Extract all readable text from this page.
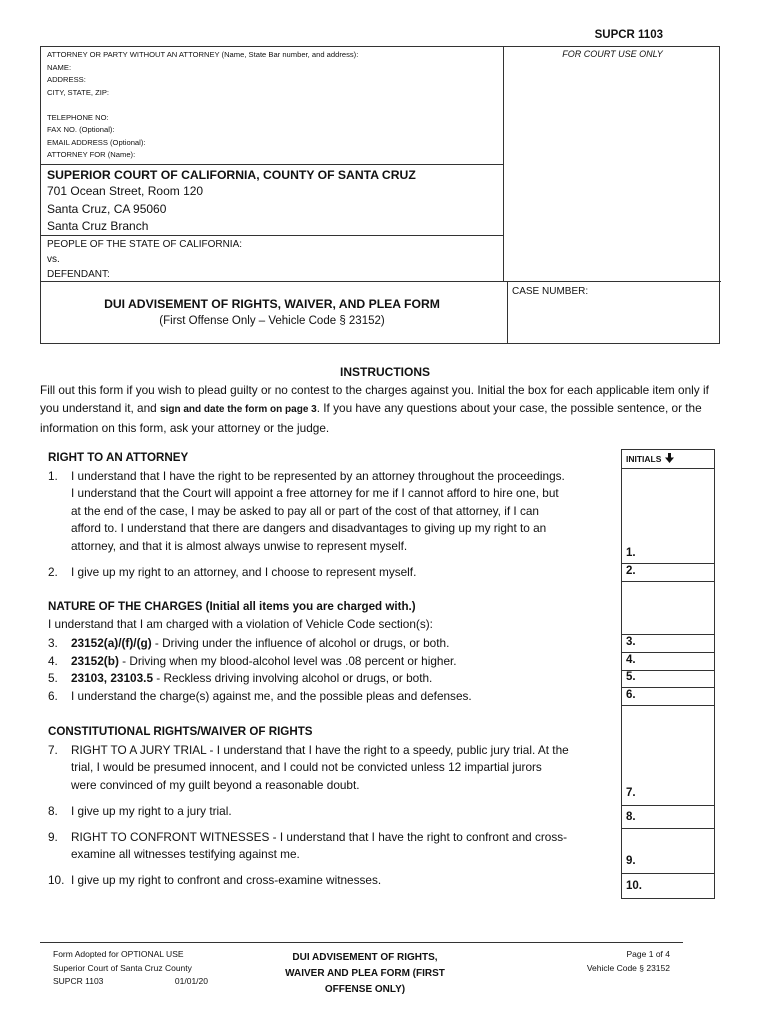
SUPCR 1103
ATTORNEY OR PARTY WITHOUT AN ATTORNEY (Name, State Bar number, and address):
NAME:
ADDRESS:
CITY, STATE, ZIP:
TELEPHONE NO:
FAX NO. (Optional):
EMAIL ADDRESS (Optional):
ATTORNEY FOR (Name):
FOR COURT USE ONLY
SUPERIOR COURT OF CALIFORNIA, COUNTY OF SANTA CRUZ
701 Ocean Street, Room 120
Santa Cruz, CA 95060
Santa Cruz Branch
PEOPLE OF THE STATE OF CALIFORNIA:
vs.
DEFENDANT:
DUI ADVISEMENT OF RIGHTS, WAIVER, AND PLEA FORM
(First Offense Only – Vehicle Code § 23152)
CASE NUMBER:
INSTRUCTIONS
Fill out this form if you wish to plead guilty or no contest to the charges against you. Initial the box for each applicable item only if you understand it, and sign and date the form on page 3. If you have any questions about your case, the possible sentence, or the information on this form, ask your attorney or the judge.
RIGHT TO AN ATTORNEY
1. I understand that I have the right to be represented by an attorney throughout the proceedings.
I understand that the Court will appoint a free attorney for me if I cannot afford to hire one, but
at the end of the case, I may be asked to pay all or part of the cost of that attorney, if I can
afford to. I understand that there are dangers and disadvantages to giving up my right to an
attorney, and that it is almost always unwise to represent myself.
2. I give up my right to an attorney, and I choose to represent myself.
NATURE OF THE CHARGES (Initial all items you are charged with.)
I understand that I am charged with a violation of Vehicle Code section(s):
3. 23152(a)/(f)/(g) - Driving under the influence of alcohol or drugs, or both.
4. 23152(b) - Driving when my blood-alcohol level was .08 percent or higher.
5. 23103, 23103.5 - Reckless driving involving alcohol or drugs, or both.
6. I understand the charge(s) against me, and the possible pleas and defenses.
CONSTITUTIONAL RIGHTS/WAIVER OF RIGHTS
7. RIGHT TO A JURY TRIAL - I understand that I have the right to a speedy, public jury trial. At the
trial, I would be presumed innocent, and I could not be convicted unless 12 impartial jurors
were convinced of my guilt beyond a reasonable doubt.
8. I give up my right to a jury trial.
9. RIGHT TO CONFRONT WITNESSES - I understand that I have the right to confront and cross-
examine all witnesses testifying against me.
10. I give up my right to confront and cross-examine witnesses.
INITIALS
1.
2.
3.
4.
5.
6.
7.
8.
9.
10.
Form Adopted for OPTIONAL USE
Superior Court of Santa Cruz County
SUPCR 1103	01/01/20
DUI ADVISEMENT OF RIGHTS,
WAIVER AND PLEA FORM (FIRST
OFFENSE ONLY)
Page 1 of 4
Vehicle Code § 23152
